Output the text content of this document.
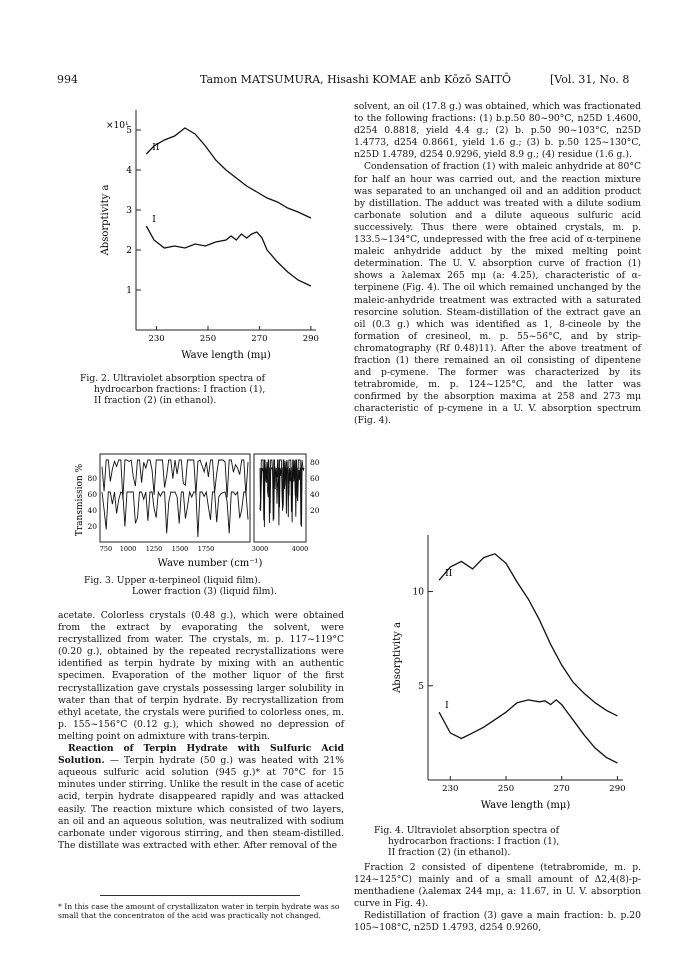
994	Tamon MATSUMURA, Hisashi KOMAE anb Kōzō SAITŌ	[Vol. 31, No. 8
5
4
3
2
1
230	250	270	290
Wave length (mμ)
Absorptivity a
II
I
×10¹
Fig. 2. Ultraviolet absorption spectra of
hydrocarbon fractions: I fraction (1),
II fraction (2) (in ethanol).
80
60
40
20
80
60
40
20
750 1000 1250 1500 1750	3000	4000
Wave number (cm⁻¹)
Transmission %
Fig. 3. Upper α-terpineol (liquid film).
Lower fraction (3) (liquid film).

acetate. Colorless crystals (0.48 g.), which were obtained from the extract by evaporating the solvent, were recrystallized from water. The crystals, m. p. 117~119°C (0.20 g.), obtained by the repeated recrystallizations were identified as terpin hydrate by mixing with an authentic specimen. Evaporation of the mother liquor of the first recrystallization gave crystals possessing larger solubility in water than that of terpin hydrate. By recrystallization from ethyl acetate, the crystals were purified to colorless ones, m. p. 155~156°C (0.12 g.), which showed no depression of melting point on admixture with trans-terpin.

Reaction of Terpin Hydrate with Sulfuric Acid Solution. — Terpin hydrate (50 g.) was heated with 21% aqueous sulfuric acid solution (945 g.)* at 70°C for 15 minutes under stirring. Unlike the result in the case of acetic acid, terpin hydrate disappeared rapidly and was attacked easily. The reaction mixture which consisted of two layers, an oil and an aqueous solution, was neutralized with sodium carbonate under vigorous stirring, and then steam-distilled. The distillate was extracted with ether. After removal of the

* In this case the amount of crystallizaton water in terpin hydrate was so small that the concentraton of the acid was practically not changed.

solvent, an oil (17.8 g.) was obtained, which was fractionated to the following fractions: (1) b.p.50 80~90°C, n25D 1.4600, d254 0.8818, yield 4.4 g.; (2) b. p.50 90~103°C, n25D 1.4773, d254 0.8661, yield 1.6 g.; (3) b. p.50 125~130°C, n25D 1.4789, d254 0.9296, yield 8.9 g.; (4) residue (1.6 g.).

Condensation of fraction (1) with maleic anhydride at 80°C for half an hour was carried out, and the reaction mixture was separated to an unchanged oil and an addition product by distillation. The adduct was treated with a dilute sodium carbonate solution and a dilute aqueous sulfuric acid successively. Thus there were obtained crystals, m. p. 133.5~134°C, undepressed with the free acid of α-terpinene maleic anhydride adduct by the mixed melting point determination. The U. V. absorption curve of fraction (1) shows a λalemax 265 mμ (a: 4.25), characteristic of α-terpinene (Fig. 4). The oil which remained unchanged by the maleic-anhydride treatment was extracted with a saturated resorcine solution. Steam-distillation of the extract gave an oil (0.3 g.) which was identified as 1, 8-cineole by the formation of cresineol, m. p. 55~56°C, and by strip-chromatography (Rf 0.48)11). After the above treatment of fraction (1) there remained an oil consisting of dipentene and p-cymene. The former was characterized by its tetrabromide, m. p. 124~125°C, and the latter was confirmed by the absorption maxima at 258 and 273 mμ characteristic of p-cymene in a U. V. absorption spectrum (Fig. 4).

10
5
230	250	270	290
Wave length (mμ)
Absorptivity a
II
I
Fig. 4. Ultraviolet absorption spectra of
hydrocarbon fractions: I fraction (1),
II fraction (2) (in ethanol).

Fraction 2 consisted of dipentene (tetrabromide, m. p. 124~125°C) mainly and of a small amount of Δ2,4(8)-p-menthadiene (λalemax 244 mμ, a: 11.67, in U. V. absorption curve in Fig. 4).

Redistillation of fraction (3) gave a main fraction: b. p.20 105~108°C, n25D 1.4793, d254 0.9260,
